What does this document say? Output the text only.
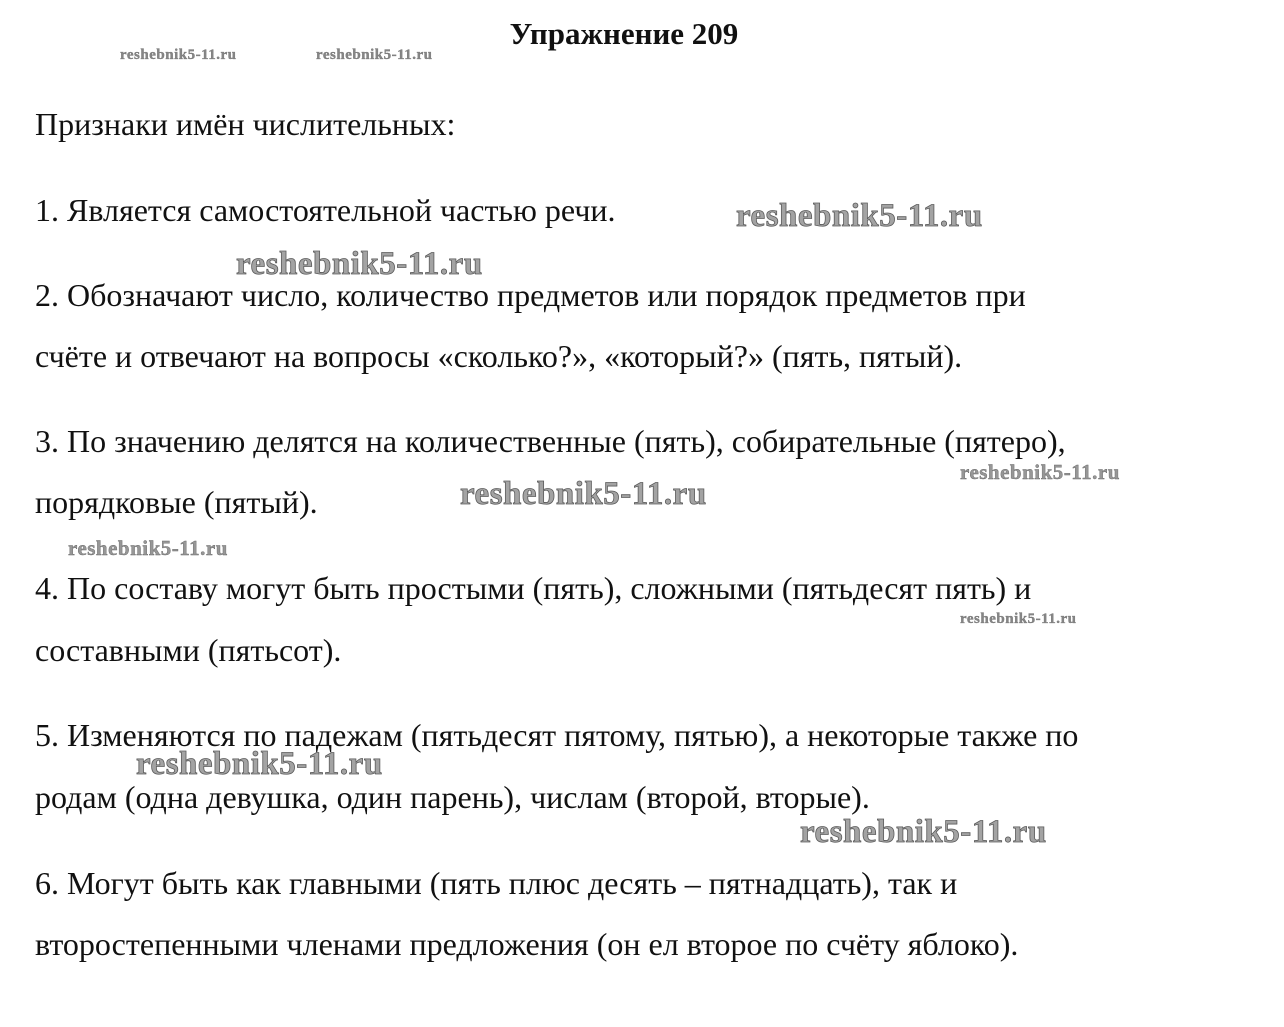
Упражнение 209
reshebnik5-11.ru	reshebnik5-11.ru
Признаки имён числительных:
1. Является самостоятельной частью речи.	reshebnik5-11.ru
reshebnik5-11.ru
2. Обозначают число, количество предметов или порядок предметов при
счёте и отвечают на вопросы «сколько?», «который?» (пять, пятый).
3. По значению делятся на количественные (пять), собирательные (пятеро),
reshebnik5-11.ru
порядковые (пятый).	reshebnik5-11.ru
reshebnik5-11.ru
4. По составу могут быть простыми (пять), сложными (пятьдесят пять) и
reshebnik5-11.ru
составными (пятьсот).
5. Изменяются по падежам (пятьдесят пятому, пятью), а некоторые также по
reshebnik5-11.ru
родам (одна девушка, один парень), числам (второй, вторые).
reshebnik5-11.ru
6. Могут быть как главными (пять плюс десять – пятнадцать), так и
второстепенными членами предложения (он ел второе по счёту яблоко).
